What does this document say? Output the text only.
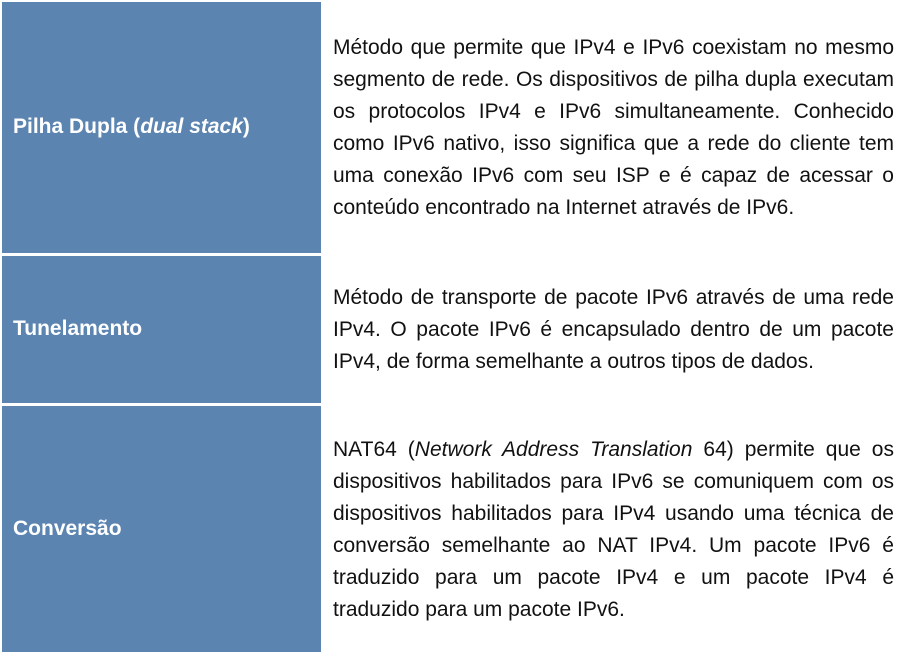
Pilha Dupla (dual stack)	Método que permite que IPv4 e IPv6 coexistam no mesmo segmento de rede. Os dispositivos de pilha dupla executam os protocolos IPv4 e IPv6 simultaneamente. Conhecido como IPv6 nativo, isso significa que a rede do cliente tem uma conexão IPv6 com seu ISP e é capaz de acessar o conteúdo encontrado na Internet através de IPv6.
Tunelamento	Método de transporte de pacote IPv6 através de uma rede IPv4. O pacote IPv6 é encapsulado dentro de um pacote IPv4, de forma semelhante a outros tipos de dados.
Conversão	NAT64 (Network Address Translation 64) permite que os dispositivos habilitados para IPv6 se comuniquem com os dispositivos habilitados para IPv4 usando uma técnica de conversão semelhante ao NAT IPv4. Um pacote IPv6 é traduzido para um pacote IPv4 e um pacote IPv4 é traduzido para um pacote IPv6.
